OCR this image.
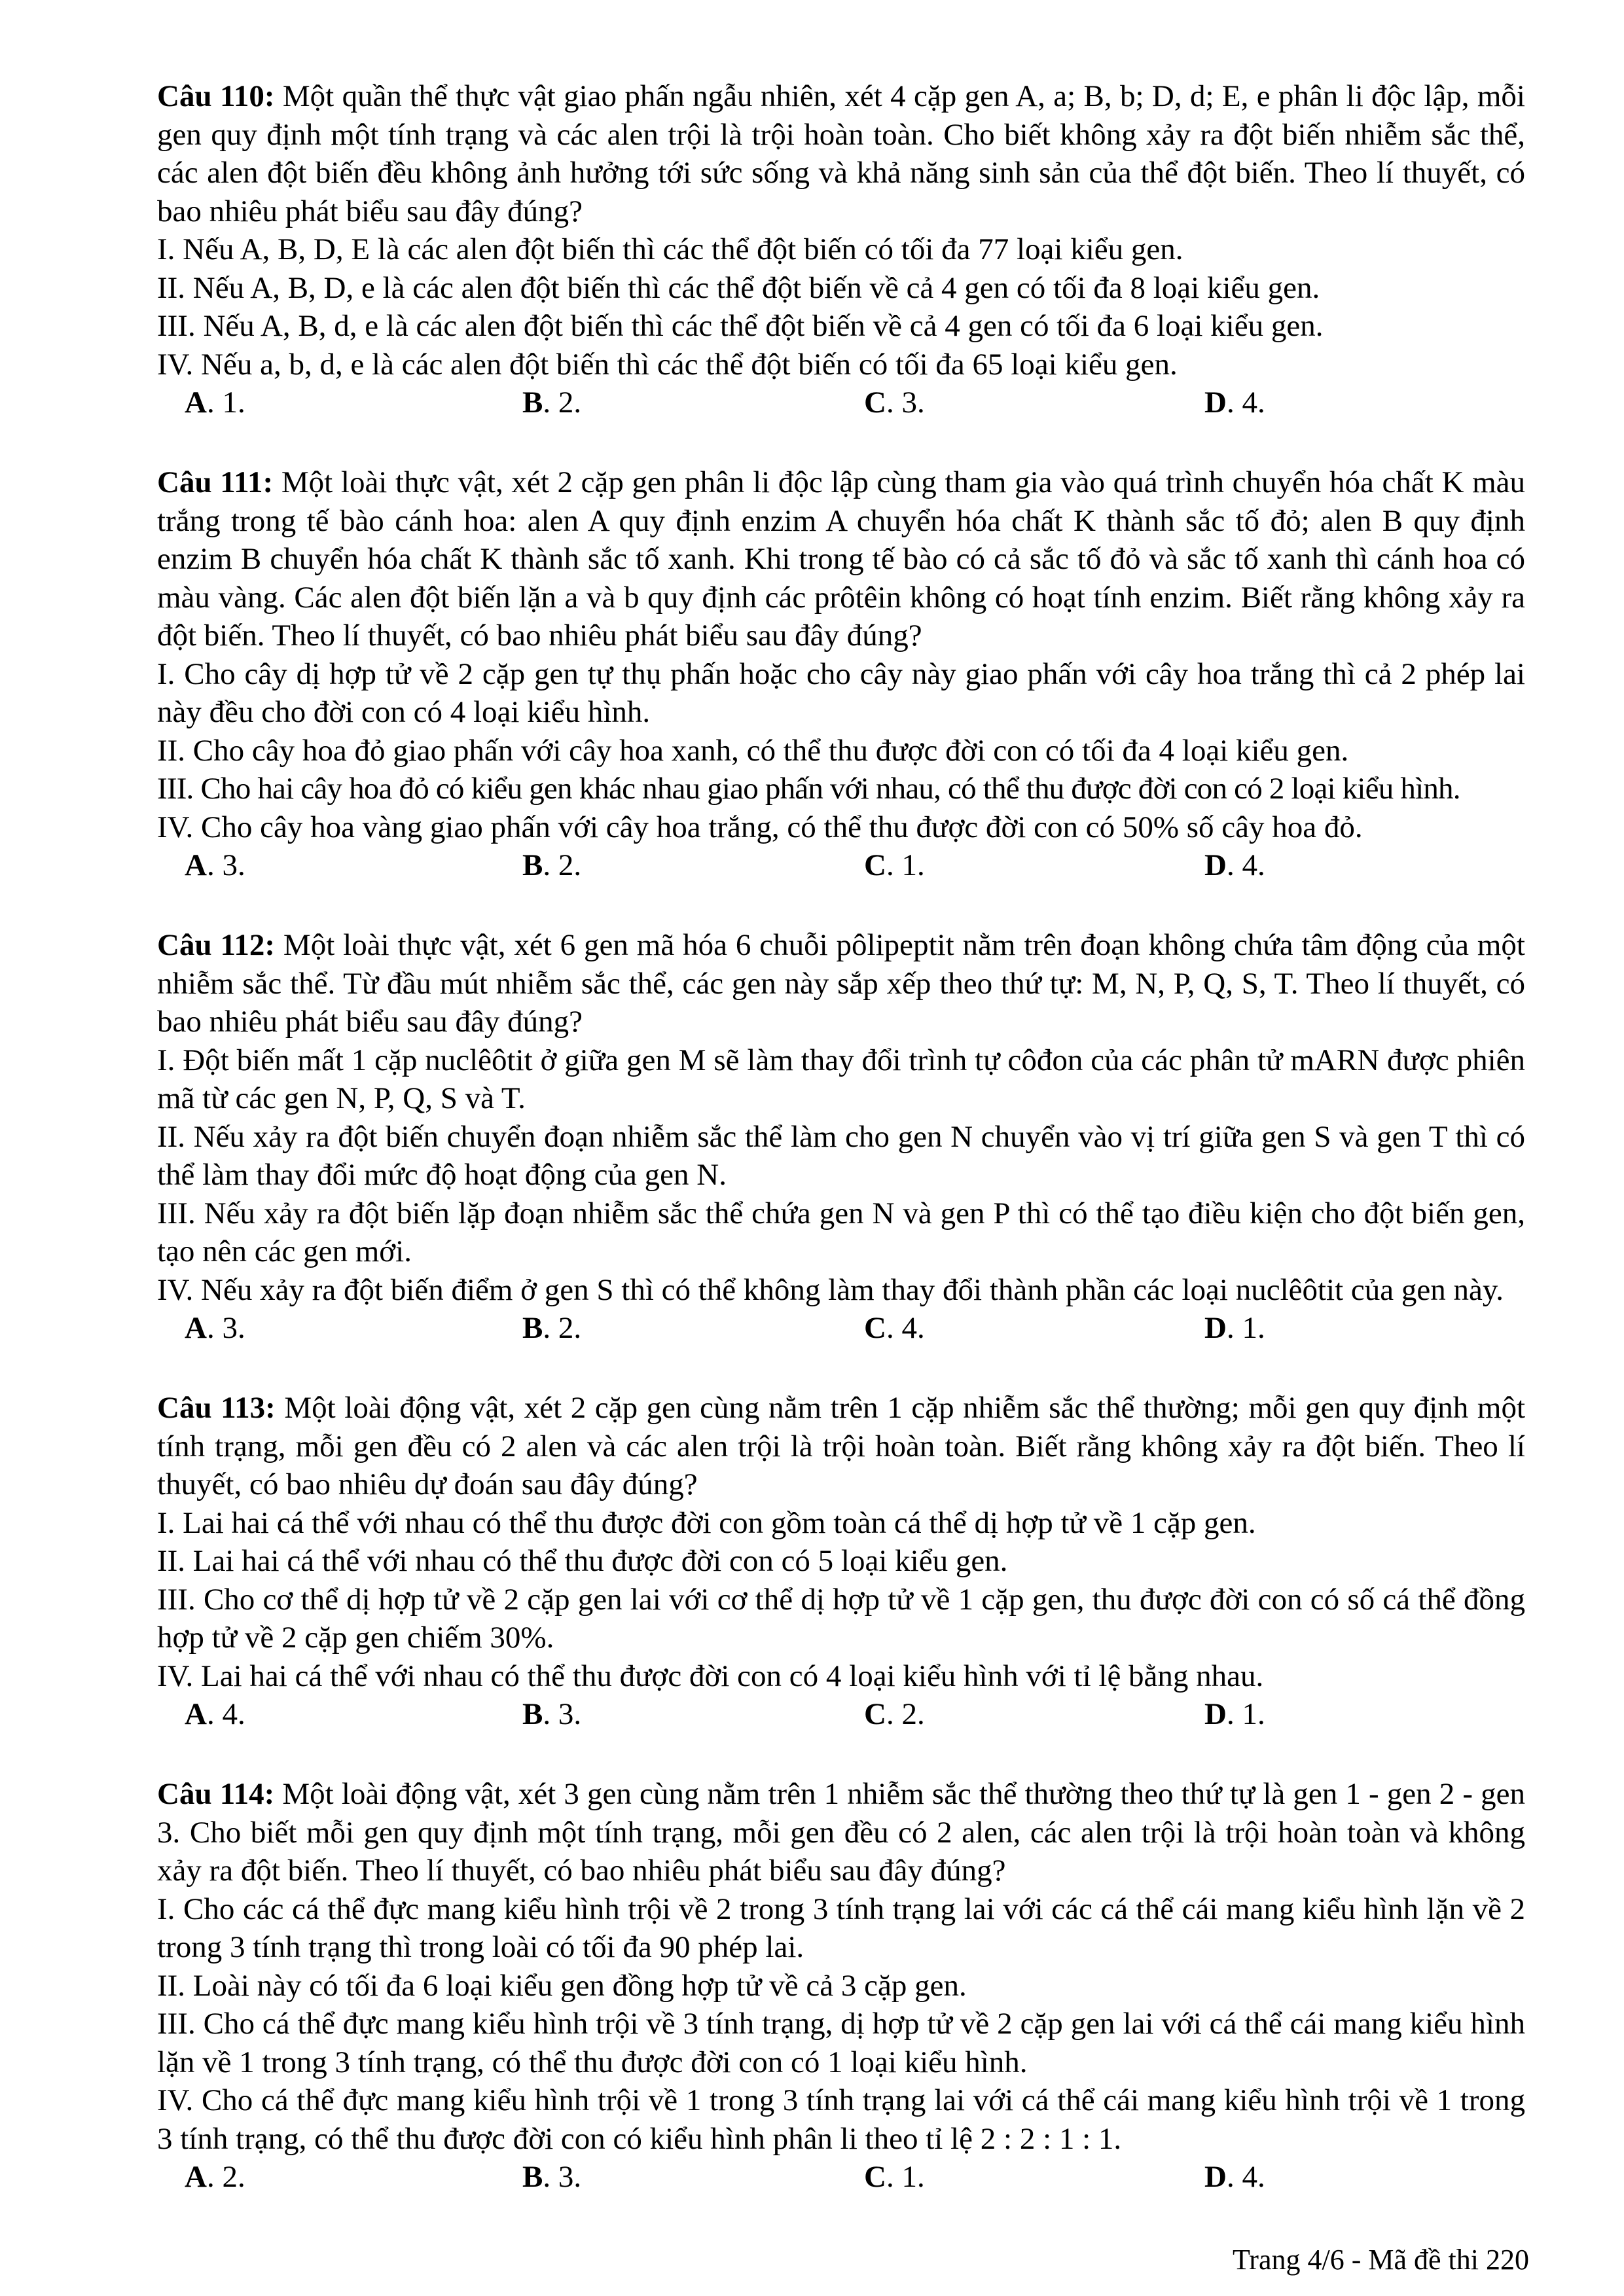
Câu 110: Một quần thể thực vật giao phấn ngẫu nhiên, xét 4 cặp gen A, a; B, b; D, d; E, e phân li độc lập, mỗi gen quy định một tính trạng và các alen trội là trội hoàn toàn. Cho biết không xảy ra đột biến nhiễm sắc thể, các alen đột biến đều không ảnh hưởng tới sức sống và khả năng sinh sản của thể đột biến. Theo lí thuyết, có bao nhiêu phát biểu sau đây đúng?

I. Nếu A, B, D, E là các alen đột biến thì các thể đột biến có tối đa 77 loại kiểu gen.

II. Nếu A, B, D, e là các alen đột biến thì các thể đột biến về cả 4 gen có tối đa 8 loại kiểu gen.

III. Nếu A, B, d, e là các alen đột biến thì các thể đột biến về cả 4 gen có tối đa 6 loại kiểu gen.

IV. Nếu a, b, d, e là các alen đột biến thì các thể đột biến có tối đa 65 loại kiểu gen.

A. 1.	B. 2.	C. 3.	D. 4.

Câu 111: Một loài thực vật, xét 2 cặp gen phân li độc lập cùng tham gia vào quá trình chuyển hóa chất K màu trắng trong tế bào cánh hoa: alen A quy định enzim A chuyển hóa chất K thành sắc tố đỏ; alen B quy định enzim B chuyển hóa chất K thành sắc tố xanh. Khi trong tế bào có cả sắc tố đỏ và sắc tố xanh thì cánh hoa có màu vàng. Các alen đột biến lặn a và b quy định các prôtêin không có hoạt tính enzim. Biết rằng không xảy ra đột biến. Theo lí thuyết, có bao nhiêu phát biểu sau đây đúng?

I. Cho cây dị hợp tử về 2 cặp gen tự thụ phấn hoặc cho cây này giao phấn với cây hoa trắng thì cả 2 phép lai này đều cho đời con có 4 loại kiểu hình.

II. Cho cây hoa đỏ giao phấn với cây hoa xanh, có thể thu được đời con có tối đa 4 loại kiểu gen.

III. Cho hai cây hoa đỏ có kiểu gen khác nhau giao phấn với nhau, có thể thu được đời con có 2 loại kiểu hình.

IV. Cho cây hoa vàng giao phấn với cây hoa trắng, có thể thu được đời con có 50% số cây hoa đỏ.

A. 3.	B. 2.	C. 1.	D. 4.

Câu 112: Một loài thực vật, xét 6 gen mã hóa 6 chuỗi pôlipeptit nằm trên đoạn không chứa tâm động của một nhiễm sắc thể. Từ đầu mút nhiễm sắc thể, các gen này sắp xếp theo thứ tự: M, N, P, Q, S, T. Theo lí thuyết, có bao nhiêu phát biểu sau đây đúng?

I. Đột biến mất 1 cặp nuclêôtit ở giữa gen M sẽ làm thay đổi trình tự côđon của các phân tử mARN được phiên mã từ các gen N, P, Q, S và T.

II. Nếu xảy ra đột biến chuyển đoạn nhiễm sắc thể làm cho gen N chuyển vào vị trí giữa gen S và gen T thì có thể làm thay đổi mức độ hoạt động của gen N.

III. Nếu xảy ra đột biến lặp đoạn nhiễm sắc thể chứa gen N và gen P thì có thể tạo điều kiện cho đột biến gen, tạo nên các gen mới.

IV. Nếu xảy ra đột biến điểm ở gen S thì có thể không làm thay đổi thành phần các loại nuclêôtit của gen này.

A. 3.	B. 2.	C. 4.	D. 1.

Câu 113: Một loài động vật, xét 2 cặp gen cùng nằm trên 1 cặp nhiễm sắc thể thường; mỗi gen quy định một tính trạng, mỗi gen đều có 2 alen và các alen trội là trội hoàn toàn. Biết rằng không xảy ra đột biến. Theo lí thuyết, có bao nhiêu dự đoán sau đây đúng?

I. Lai hai cá thể với nhau có thể thu được đời con gồm toàn cá thể dị hợp tử về 1 cặp gen.

II. Lai hai cá thể với nhau có thể thu được đời con có 5 loại kiểu gen.

III. Cho cơ thể dị hợp tử về 2 cặp gen lai với cơ thể dị hợp tử về 1 cặp gen, thu được đời con có số cá thể đồng hợp tử về 2 cặp gen chiếm 30%.

IV. Lai hai cá thể với nhau có thể thu được đời con có 4 loại kiểu hình với tỉ lệ bằng nhau.

A. 4.	B. 3.	C. 2.	D. 1.

Câu 114: Một loài động vật, xét 3 gen cùng nằm trên 1 nhiễm sắc thể thường theo thứ tự là gen 1 - gen 2 - gen 3. Cho biết mỗi gen quy định một tính trạng, mỗi gen đều có 2 alen, các alen trội là trội hoàn toàn và không xảy ra đột biến. Theo lí thuyết, có bao nhiêu phát biểu sau đây đúng?

I. Cho các cá thể đực mang kiểu hình trội về 2 trong 3 tính trạng lai với các cá thể cái mang kiểu hình lặn về 2 trong 3 tính trạng thì trong loài có tối đa 90 phép lai.

II. Loài này có tối đa 6 loại kiểu gen đồng hợp tử về cả 3 cặp gen.

III. Cho cá thể đực mang kiểu hình trội về 3 tính trạng, dị hợp tử về 2 cặp gen lai với cá thể cái mang kiểu hình lặn về 1 trong 3 tính trạng, có thể thu được đời con có 1 loại kiểu hình.

IV. Cho cá thể đực mang kiểu hình trội về 1 trong 3 tính trạng lai với cá thể cái mang kiểu hình trội về 1 trong 3 tính trạng, có thể thu được đời con có kiểu hình phân li theo tỉ lệ 2 : 2 : 1 : 1.

A. 2.	B. 3.	C. 1.	D. 4.
Trang 4/6 - Mã đề thi 220
